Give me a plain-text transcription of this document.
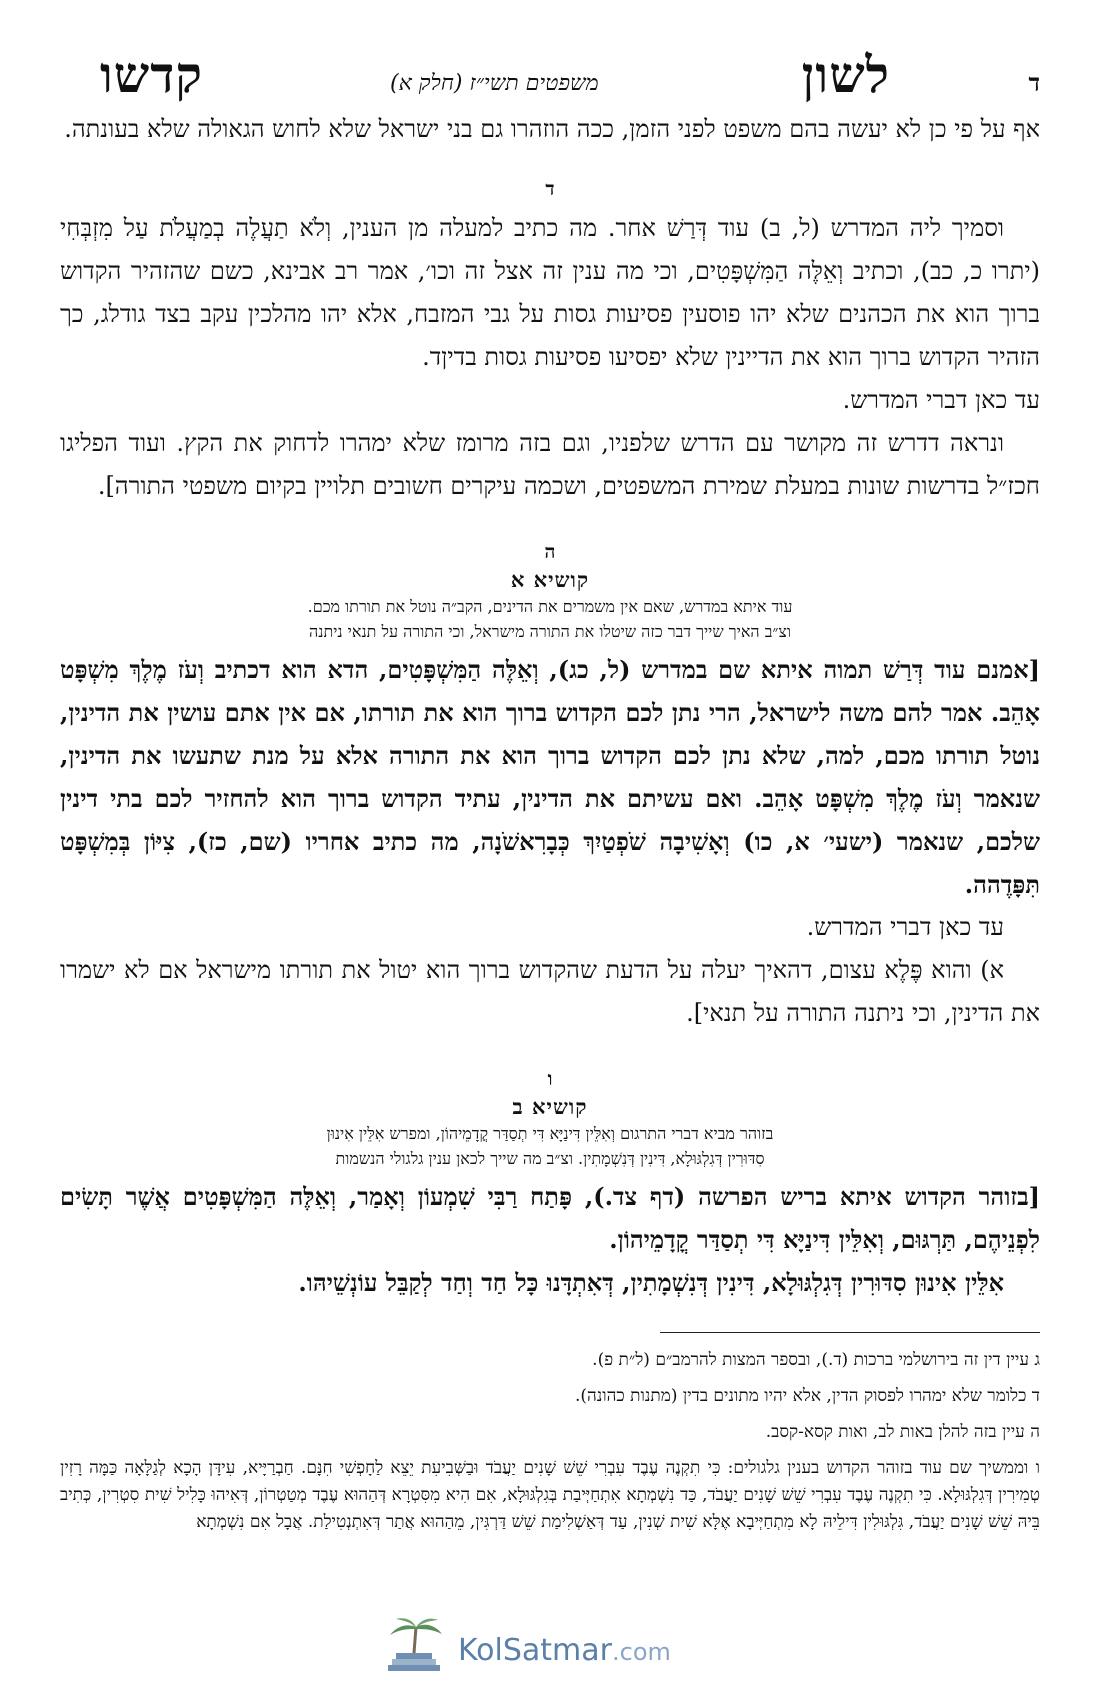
ד
לשון
משפטים תשי״ז (חלק א)
קדשו

אף על פי כן לא יעשה בהם משפט לפני הזמן, ככה הוזהרו גם בני ישראל שלא לחוש הגאולה שלא בעונתה.

ד

וסמיך ליה המדרש (ל, ב) עוד דְּרַשׁ אחר. מה כתיב למעלה מן הענין, וְלֹא תַעֲלֶה בְמַעֲלֹת עַל מִזְבְּחִי (יתרו כ, כב), וכתיב וְאֵלֶּה הַמִּשְׁפָּטִים, וכי מה ענין זה אצל זה וכו׳, אמר רב אבינא, כשם שהזהיר הקדוש ברוך הוא את הכהנים שלא יהו פוסעין פסיעות גסות על גבי המזבח, אלא יהו מהלכין עקב בצד גודלג, כך הזהיר הקדוש ברוך הוא את הדיינין שלא יפסיעו פסיעות גסות בדיןד.

עד כאן דברי המדרש.

ונראה דדרש זה מקושר עם הדרש שלפניו, וגם בזה מרומז שלא ימהרו לדחוק את הקץ. ועוד הפליגו חכז״ל בדרשות שונות במעלת שמירת המשפטים, ושכמה עיקרים חשובים תלויין בקיום משפטי התורה].

ה
קושיא א
עוד איתא במדרש, שאם אין משמרים את הדינים, הקב״ה נוטל את תורתו מכם.
וצ״ב האיך שייך דבר כזה שיטלו את התורה מישראל, וכי התורה על תנאי ניתנה

[אמנם עוד דְּרַשׁ תמוה איתא שם במדרש (ל, כג), וְאֵלֶּה הַמִּשְׁפָּטִים, הדא הוא דכתיב וְעֹז מֶלֶךְ מִשְׁפָּט אָהֵב. אמר להם משה לישראל, הרי נתן לכם הקדוש ברוך הוא את תורתו, אם אין אתם עושין את הדינין, נוטל תורתו מכם, למה, שלא נתן לכם הקדוש ברוך הוא את התורה אלא על מנת שתעשו את הדינין, שנאמר וְעֹז מֶלֶךְ מִשְׁפָּט אָהֵב. ואם עשיתם את הדינין, עתיד הקדוש ברוך הוא להחזיר לכם בתי דינין שלכם, שנאמר (ישעי׳ א, כו) וְאָשִׁיבָה שֹׁפְטַיִךְ כְּבָרִאשֹׁנָה, מה כתיב אחריו (שם, כז), צִיּוֹן בְּמִשְׁפָּט תִּפָּדֶהה.

עד כאן דברי המדרש.

א) והוא פֶּלֶא עצום, דהאיך יעלה על הדעת שהקדוש ברוך הוא יטול את תורתו מישראל אם לא ישמרו את הדינין, וכי ניתנה התורה על תנאי].

ו
קושיא ב
בזוהר מביא דברי התרגום וְאִלֵּין דִּינַיָּא דִּי תְסַדַּר קֳדָמֵיהוֹן, ומפרש אִלֵּין אִינוּן
סִדּוּרִין דְּגִלְגּוּלָא, דִּינִין דְּנִשְׁמָתִין. וצ״ב מה שייך לכאן ענין גלגולי הנשמות

[בזוהר הקדוש איתא בריש הפרשה (דף צד.), פָּתַח רַבִּי שִׁמְעוֹן וְאָמַר, וְאֵלֶּה הַמִּשְׁפָּטִים אֲשֶׁר תָּשִׂים לִפְנֵיהֶם, תַּרְגּוּם, וְאִלֵּין דִּינַיָּא דִּי תְסַדַּר קֳדָמֵיהוֹן.

אִלֵּין אִינוּן סִדּוּרִין דְּגִלְגּוּלָא, דִּינִין דְּנִשְׁמָתִין, דְּאִתְדָּנוּ כָּל חַד וְחַד לְקַבֵּל עוֹנְשֵׁיהּו.

ג עיין דין זה בירושלמי ברכות (ד.), ובספר המצות להרמב״ם (ל״ת פ).
ד כלומר שלא ימהרו לפסוק הדין, אלא יהיו מתונים בדין (מתנות כהונה).
ה עיין בזה להלן באות לב, ואות קסא-קסב.
ו וממשיך שם עוד בזוהר הקדוש בענין גלגולים: כִּי תִקְנֶה עֶבֶד עִבְרִי שֵׁשׁ שָׁנִים יַעֲבֹד וּבַשְּׁבִיעִת יֵצֵא לַחָפְשִׁי חִנָּם. חַבְרַיָּיא, עִידָּן הָכָא לְגַלָּאָה כַּמָּה רָזִין טְמִירִין דְּגִלְגּוּלָא. כִּי תִקְנֶה עֶבֶד עִבְרִי שֵׁשׁ שָׁנִים יַעֲבֹד, כַּד נִשְׁמְתָא אִתְחַיְּיבַת בְּגִלְגּוּלָא, אִם הִיא מִסִּטְרָא דְּהַהוּא עֶבֶד מְטַטְרוֹן, דְּאִיהוּ כָּלִיל שִׁית סִטְרִין, כְּתִיב בֵּיהּ שֵׁשׁ שָׁנִים יַעֲבֹד, גִּלְגּוּלִין דִּילֵיהּ לָא מִתְחַיְּיבָא אֶלָּא שִׁית שְׁנִין, עַד דְּאַשְׁלִימַת שֵׁשׁ דַּרְגִּין, מֵהַהוּא אֲתַר דְּאִתְנְטִילַת. אֲבָל אִם נִשְׁמְתָא
KolSatmar.com
